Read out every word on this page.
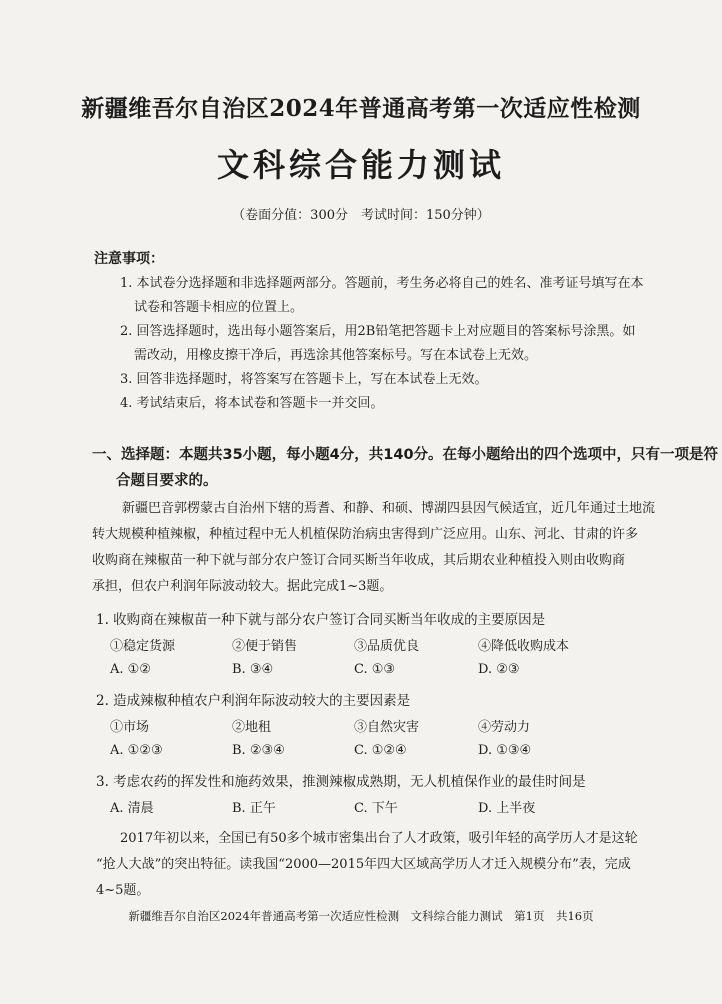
新疆维吾尔自治区2024年普通高考第一次适应性检测
文科综合能力测试
（卷面分值：300分　考试时间：150分钟）
注意事项：
1. 本试卷分选择题和非选择题两部分。答题前，考生务必将自己的姓名、准考证号填写在本
试卷和答题卡相应的位置上。
2. 回答选择题时，选出每小题答案后，用2B铅笔把答题卡上对应题目的答案标号涂黑。如
需改动，用橡皮擦干净后，再选涂其他答案标号。写在本试卷上无效。
3. 回答非选择题时，将答案写在答题卡上，写在本试卷上无效。
4. 考试结束后，将本试卷和答题卡一并交回。
一、选择题：本题共35小题，每小题4分，共140分。在每小题给出的四个选项中，只有一项是符
合题目要求的。
新疆巴音郭楞蒙古自治州下辖的焉耆、和静、和硕、博湖四县因气候适宜，近几年通过土地流
转大规模种植辣椒，种植过程中无人机植保防治病虫害得到广泛应用。山东、河北、甘肃的许多
收购商在辣椒苗一种下就与部分农户签订合同买断当年收成，其后期农业种植投入则由收购商
承担，但农户利润年际波动较大。据此完成1~3题。
1. 收购商在辣椒苗一种下就与部分农户签订合同买断当年收成的主要原因是
①稳定货源	②便于销售	③品质优良	④降低收购成本
A. ①②	B. ③④	C. ①③	D. ②③
2. 造成辣椒种植农户利润年际波动较大的主要因素是
①市场	②地租	③自然灾害	④劳动力
A. ①②③	B. ②③④	C. ①②④	D. ①③④
3. 考虑农药的挥发性和施药效果，推测辣椒成熟期，无人机植保作业的最佳时间是
A. 清晨	B. 正午	C. 下午	D. 上半夜
2017年初以来，全国已有50多个城市密集出台了人才政策，吸引年轻的高学历人才是这轮
“抢人大战”的突出特征。读我国“2000—2015年四大区域高学历人才迁入规模分布”表，完成
4~5题。
新疆维吾尔自治区2024年普通高考第一次适应性检测　文科综合能力测试　第1页　共16页
